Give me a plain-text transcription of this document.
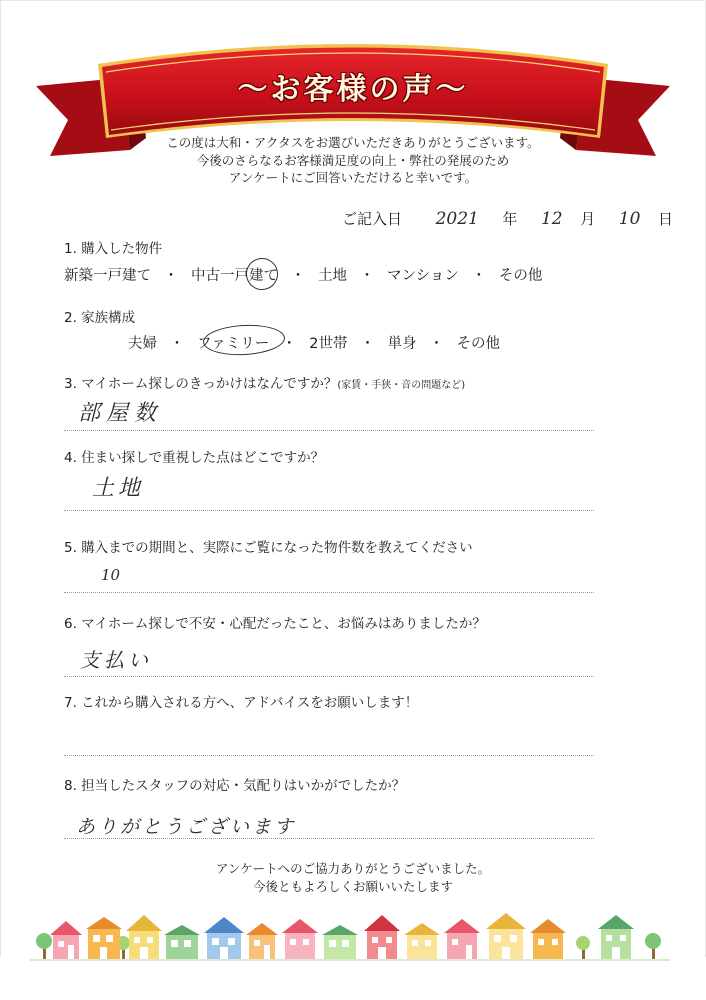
～お客様の声～
この度は大和・アクタスをお選びいただきありがとうございます。
今後のさらなるお客様満足度の向上・弊社の発展のため
アンケートにご回答いただけると幸いです。
ご記入日 2021 年 12 月 10 日
1. 購入した物件
新築一戸建て ・ 中古一戸建て ・ 土地 ・ マンション ・ その他
2. 家族構成
夫婦 ・ ファミリー ・ 2世帯 ・ 単身 ・ その他
3. マイホーム探しのきっかけはなんですか？(家賃・手狭・音の問題など)
部屋数
4. 住まい探しで重視した点はどこですか？
土地
5. 購入までの期間と、実際にご覧になった物件数を教えてください
10
6. マイホーム探しで不安・心配だったこと、お悩みはありましたか？
支払い
7. これから購入される方へ、アドバイスをお願いします！
8. 担当したスタッフの対応・気配りはいかがでしたか？
ありがとうございます
アンケートへのご協力ありがとうございました。
今後ともよろしくお願いいたします
